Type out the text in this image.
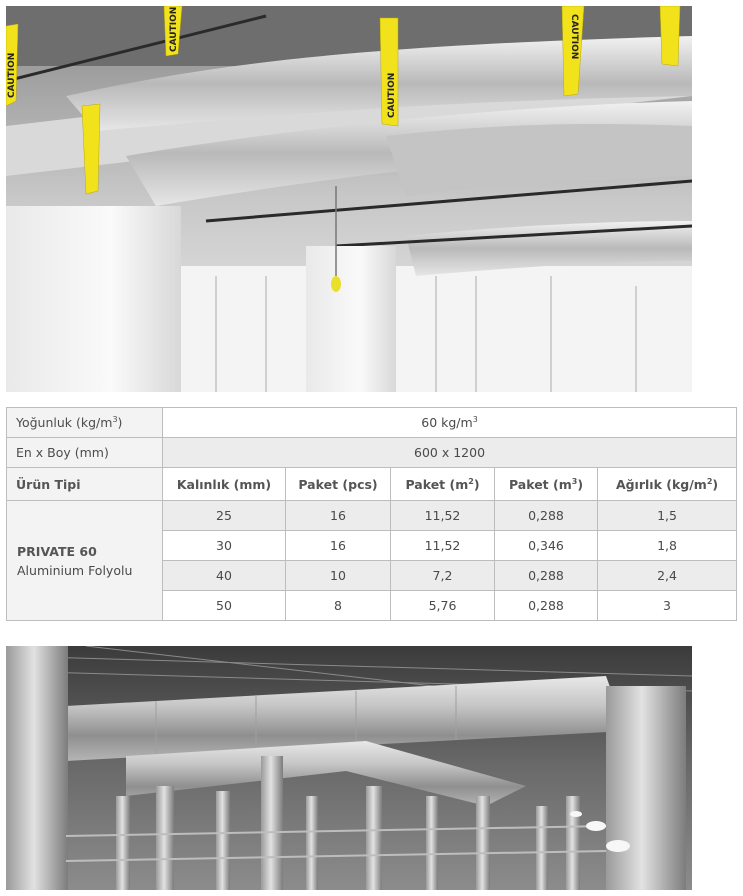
CAUTION
CAUTION
CAUTION
CAUTION
Yoğunluk $(kg/m^3)$	60 $kg/m^3$
En x Boy (mm)	600 x 1200				
Ürün Tipi	Kalınlık (mm)	Paket (pcs)	Paket $(m^2)$	Paket $(m^3)$	Ağırlık $(kg/m^2)$

PRIVATE 60
Aluminium Folyolu	25	16	11,52	0,288	1,5
	30	16	11,52	0,346	1,8
	40	10	7,2	0,288	2,4
	50	8	5,76	0,288	3
